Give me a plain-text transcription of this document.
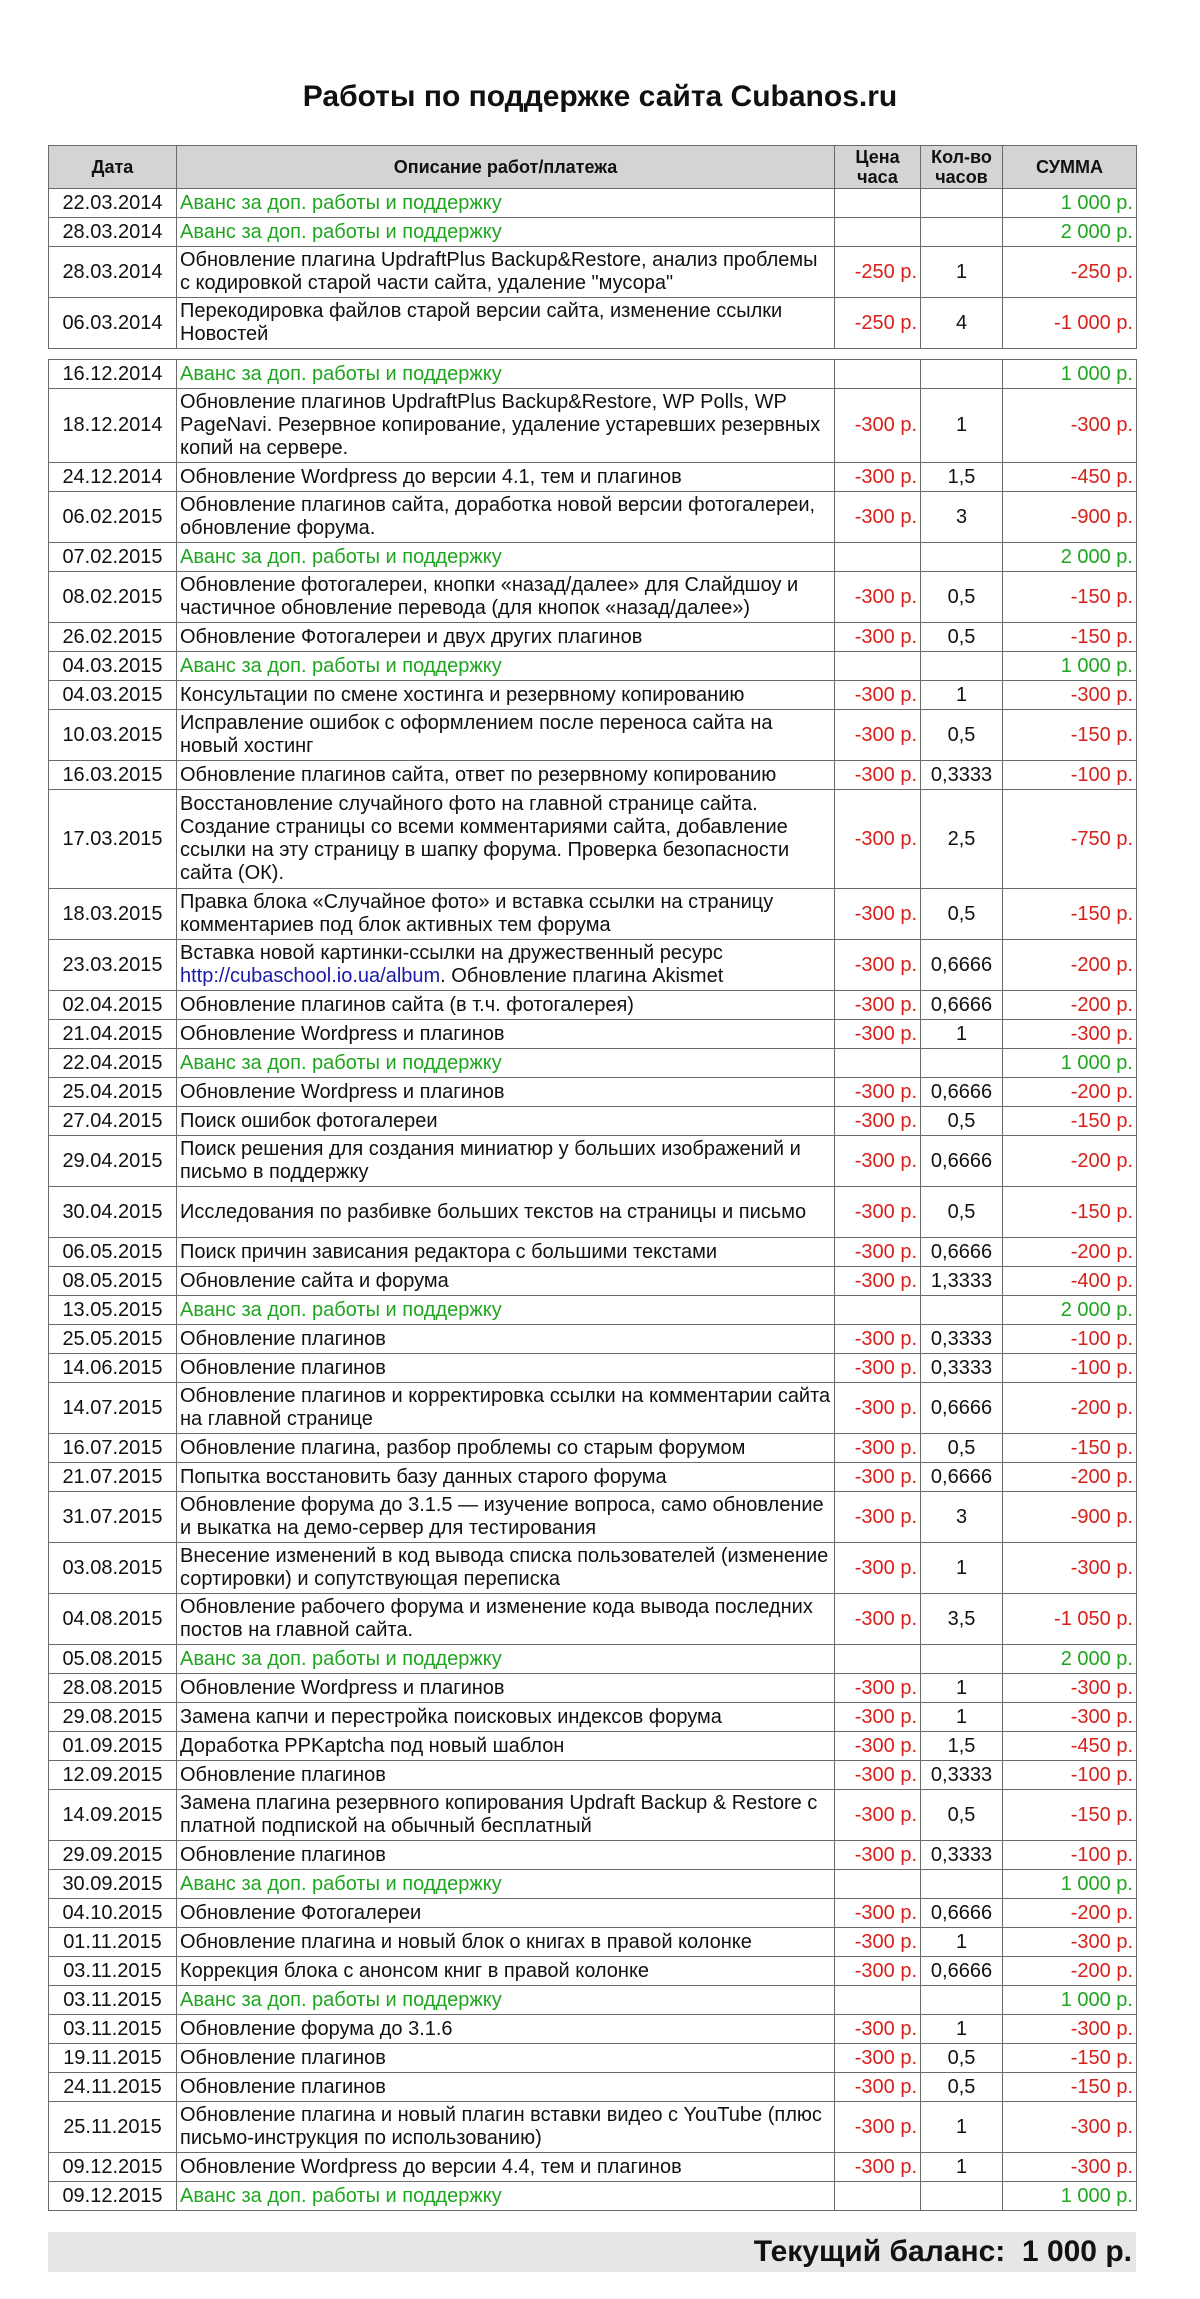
Работы по поддержке сайта Cubanos.ru
Дата	Описание работ/платежа	Цена часа	Кол-во часов	СУММА
22.03.2014	Аванс за доп. работы и поддержку			1 000 р.
28.03.2014	Аванс за доп. работы и поддержку			2 000 р.
28.03.2014	Обновление плагина UpdraftPlus Backup&Restore, анализ проблемы с кодировкой старой части сайта, удаление "мусора"	-250 р.	1	-250 р.
06.03.2014	Перекодировка файлов старой версии сайта, изменение ссылки Новостей	-250 р.	4	-1 000 р.

16.12.2014	Аванс за доп. работы и поддержку			1 000 р.
18.12.2014	Обновление плагинов UpdraftPlus Backup&Restore, WP Polls, WP PageNavi. Резервное копирование, удаление устаревших резервных копий на сервере.	-300 р.	1	-300 р.
24.12.2014	Обновление Wordpress до версии 4.1, тем и плагинов	-300 р.	1,5	-450 р.
06.02.2015	Обновление плагинов сайта, доработка новой версии фотогалереи, обновление форума.	-300 р.	3	-900 р.
07.02.2015	Аванс за доп. работы и поддержку			2 000 р.
08.02.2015	Обновление фотогалереи, кнопки «назад/далее» для Слайдшоу и частичное обновление перевода (для кнопок «назад/далее»)	-300 р.	0,5	-150 р.
26.02.2015	Обновление Фотогалереи и двух других плагинов	-300 р.	0,5	-150 р.
04.03.2015	Аванс за доп. работы и поддержку			1 000 р.
04.03.2015	Консультации по смене хостинга и резервному копированию	-300 р.	1	-300 р.
10.03.2015	Исправление ошибок с оформлением после переноса сайта на новый хостинг	-300 р.	0,5	-150 р.
16.03.2015	Обновление плагинов сайта, ответ по резервному копированию	-300 р.	0,3333	-100 р.
17.03.2015	Восстановление случайного фото на главной странице сайта. Создание страницы со всеми комментариями сайта, добавление ссылки на эту страницу в шапку форума. Проверка безопасности сайта (ОК).	-300 р.	2,5	-750 р.
18.03.2015	Правка блока «Случайное фото» и вставка ссылки на страницу комментариев под блок активных тем форума	-300 р.	0,5	-150 р.
23.03.2015	Вставка новой картинки-ссылки на дружественный ресурс http://cubaschool.io.ua/album. Обновление плагина Akismet	-300 р.	0,6666	-200 р.
02.04.2015	Обновление плагинов сайта (в т.ч. фотогалерея)	-300 р.	0,6666	-200 р.
21.04.2015	Обновление Wordpress и плагинов	-300 р.	1	-300 р.
22.04.2015	Аванс за доп. работы и поддержку			1 000 р.
25.04.2015	Обновление Wordpress и плагинов	-300 р.	0,6666	-200 р.
27.04.2015	Поиск ошибок фотогалереи	-300 р.	0,5	-150 р.
29.04.2015	Поиск решения для создания миниатюр у больших изображений и письмо в поддержку	-300 р.	0,6666	-200 р.
30.04.2015	Исследования по разбивке больших текстов на страницы и письмо	-300 р.	0,5	-150 р.
06.05.2015	Поиск причин зависания редактора с большими текстами	-300 р.	0,6666	-200 р.
08.05.2015	Обновление сайта и форума	-300 р.	1,3333	-400 р.
13.05.2015	Аванс за доп. работы и поддержку			2 000 р.
25.05.2015	Обновление плагинов	-300 р.	0,3333	-100 р.
14.06.2015	Обновление плагинов	-300 р.	0,3333	-100 р.
14.07.2015	Обновление плагинов и корректировка ссылки на комментарии сайта на главной странице	-300 р.	0,6666	-200 р.
16.07.2015	Обновление плагина, разбор проблемы со старым форумом	-300 р.	0,5	-150 р.
21.07.2015	Попытка восстановить базу данных старого форума	-300 р.	0,6666	-200 р.
31.07.2015	Обновление форума до 3.1.5 — изучение вопроса, само обновление и выкатка на демо-сервер для тестирования	-300 р.	3	-900 р.
03.08.2015	Внесение изменений в код вывода списка пользователей (изменение сортировки) и сопутствующая переписка	-300 р.	1	-300 р.
04.08.2015	Обновление рабочего форума и изменение кода вывода последних постов на главной сайта.	-300 р.	3,5	-1 050 р.
05.08.2015	Аванс за доп. работы и поддержку			2 000 р.
28.08.2015	Обновление Wordpress и плагинов	-300 р.	1	-300 р.
29.08.2015	Замена капчи и перестройка поисковых индексов форума	-300 р.	1	-300 р.
01.09.2015	Доработка PPKaptcha под новый шаблон	-300 р.	1,5	-450 р.
12.09.2015	Обновление плагинов	-300 р.	0,3333	-100 р.
14.09.2015	Замена плагина резервного копирования Updraft Backup & Restore с платной подпиской на обычный бесплатный	-300 р.	0,5	-150 р.
29.09.2015	Обновление плагинов	-300 р.	0,3333	-100 р.
30.09.2015	Аванс за доп. работы и поддержку			1 000 р.
04.10.2015	Обновление Фотогалереи	-300 р.	0,6666	-200 р.
01.11.2015	Обновление плагина и новый блок о книгах в правой колонке	-300 р.	1	-300 р.
03.11.2015	Коррекция блока с анонсом книг в правой колонке	-300 р.	0,6666	-200 р.
03.11.2015	Аванс за доп. работы и поддержку			1 000 р.
03.11.2015	Обновление форума до 3.1.6	-300 р.	1	-300 р.
19.11.2015	Обновление плагинов	-300 р.	0,5	-150 р.
24.11.2015	Обновление плагинов	-300 р.	0,5	-150 р.
25.11.2015	Обновление плагина и новый плагин вставки видео с YouTube (плюс письмо-инструкция по использованию)	-300 р.	1	-300 р.
09.12.2015	Обновление Wordpress до версии 4.4, тем и плагинов	-300 р.	1	-300 р.
09.12.2015	Аванс за доп. работы и поддержку			1 000 р.
Текущий баланс: 1 000 р.
